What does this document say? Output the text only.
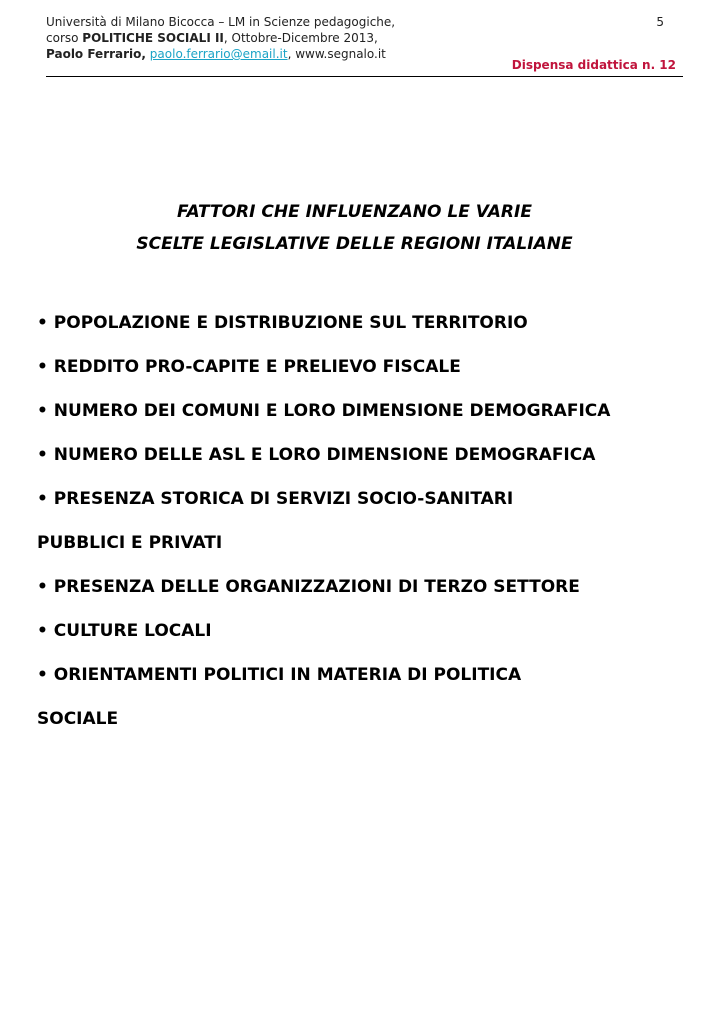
Università di Milano Bicocca – LM in Scienze pedagogiche,
corso POLITICHE SOCIALI II, Ottobre-Dicembre 2013,
Paolo Ferrario, paolo.ferrario@email.it, www.segnalo.it
5
Dispensa didattica n. 12
FATTORI CHE INFLUENZANO LE VARIE
SCELTE LEGISLATIVE DELLE REGIONI ITALIANE
• POPOLAZIONE E DISTRIBUZIONE SUL TERRITORIO
• REDDITO PRO-CAPITE E PRELIEVO FISCALE
• NUMERO DEI COMUNI E LORO DIMENSIONE DEMOGRAFICA
• NUMERO DELLE ASL E LORO DIMENSIONE DEMOGRAFICA
• PRESENZA STORICA DI SERVIZI SOCIO-SANITARI
PUBBLICI E PRIVATI
• PRESENZA DELLE ORGANIZZAZIONI DI TERZO SETTORE
• CULTURE LOCALI
• ORIENTAMENTI POLITICI IN MATERIA DI POLITICA
SOCIALE
